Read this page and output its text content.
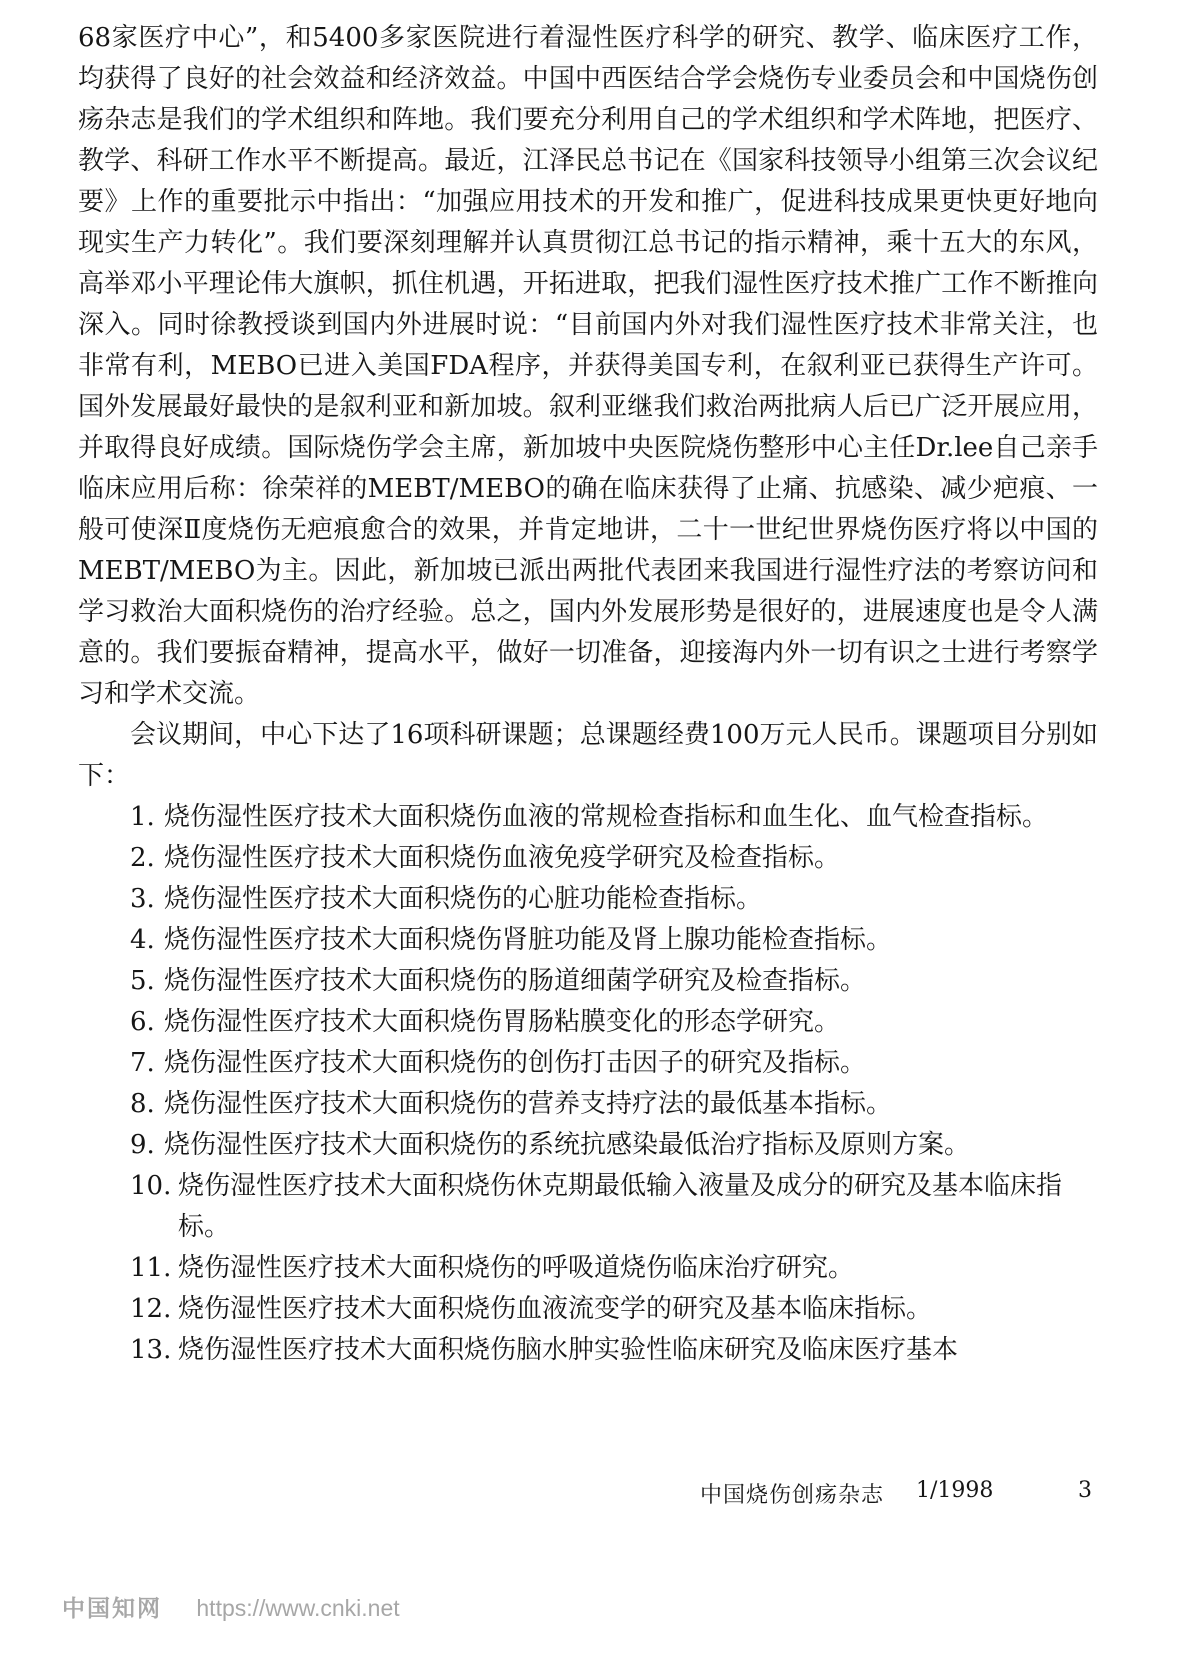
68家医疗中心”，和5400多家医院进行着湿性医疗科学的研究、教学、临床医疗工作，均获得了良好的社会效益和经济效益。中国中西医结合学会烧伤专业委员会和中国烧伤创疡杂志是我们的学术组织和阵地。我们要充分利用自己的学术组织和学术阵地，把医疗、教学、科研工作水平不断提高。最近，江泽民总书记在《国家科技领导小组第三次会议纪要》上作的重要批示中指出：“加强应用技术的开发和推广，促进科技成果更快更好地向现实生产力转化”。我们要深刻理解并认真贯彻江总书记的指示精神，乘十五大的东风，高举邓小平理论伟大旗帜，抓住机遇，开拓进取，把我们湿性医疗技术推广工作不断推向深入。同时徐教授谈到国内外进展时说：“目前国内外对我们湿性医疗技术非常关注，也非常有利，MEBO已进入美国FDA程序，并获得美国专利，在叙利亚已获得生产许可。国外发展最好最快的是叙利亚和新加坡。叙利亚继我们救治两批病人后已广泛开展应用，并取得良好成绩。国际烧伤学会主席，新加坡中央医院烧伤整形中心主任Dr.lee自己亲手临床应用后称：徐荣祥的MEBT/MEBO的确在临床获得了止痛、抗感染、减少疤痕、一般可使深Ⅱ度烧伤无疤痕愈合的效果，并肯定地讲，二十一世纪世界烧伤医疗将以中国的MEBT/MEBO为主。因此，新加坡已派出两批代表团来我国进行湿性疗法的考察访问和学习救治大面积烧伤的治疗经验。总之，国内外发展形势是很好的，进展速度也是令人满意的。我们要振奋精神，提高水平，做好一切准备，迎接海内外一切有识之士进行考察学习和学术交流。

会议期间，中心下达了16项科研课题；总课题经费100万元人民币。课题项目分别如下：

1. 烧伤湿性医疗技术大面积烧伤血液的常规检查指标和血生化、血气检查指标。
2. 烧伤湿性医疗技术大面积烧伤血液免疫学研究及检查指标。
3. 烧伤湿性医疗技术大面积烧伤的心脏功能检查指标。
4. 烧伤湿性医疗技术大面积烧伤肾脏功能及肾上腺功能检查指标。
5. 烧伤湿性医疗技术大面积烧伤的肠道细菌学研究及检查指标。
6. 烧伤湿性医疗技术大面积烧伤胃肠粘膜变化的形态学研究。
7. 烧伤湿性医疗技术大面积烧伤的创伤打击因子的研究及指标。
8. 烧伤湿性医疗技术大面积烧伤的营养支持疗法的最低基本指标。
9. 烧伤湿性医疗技术大面积烧伤的系统抗感染最低治疗指标及原则方案。
10. 烧伤湿性医疗技术大面积烧伤休克期最低输入液量及成分的研究及基本临床指标。
11. 烧伤湿性医疗技术大面积烧伤的呼吸道烧伤临床治疗研究。
12. 烧伤湿性医疗技术大面积烧伤血液流变学的研究及基本临床指标。
13. 烧伤湿性医疗技术大面积烧伤脑水肿实验性临床研究及临床医疗基本
中国烧伤创疡杂志 1/1998	3
中国知网 https://www.cnki.net
